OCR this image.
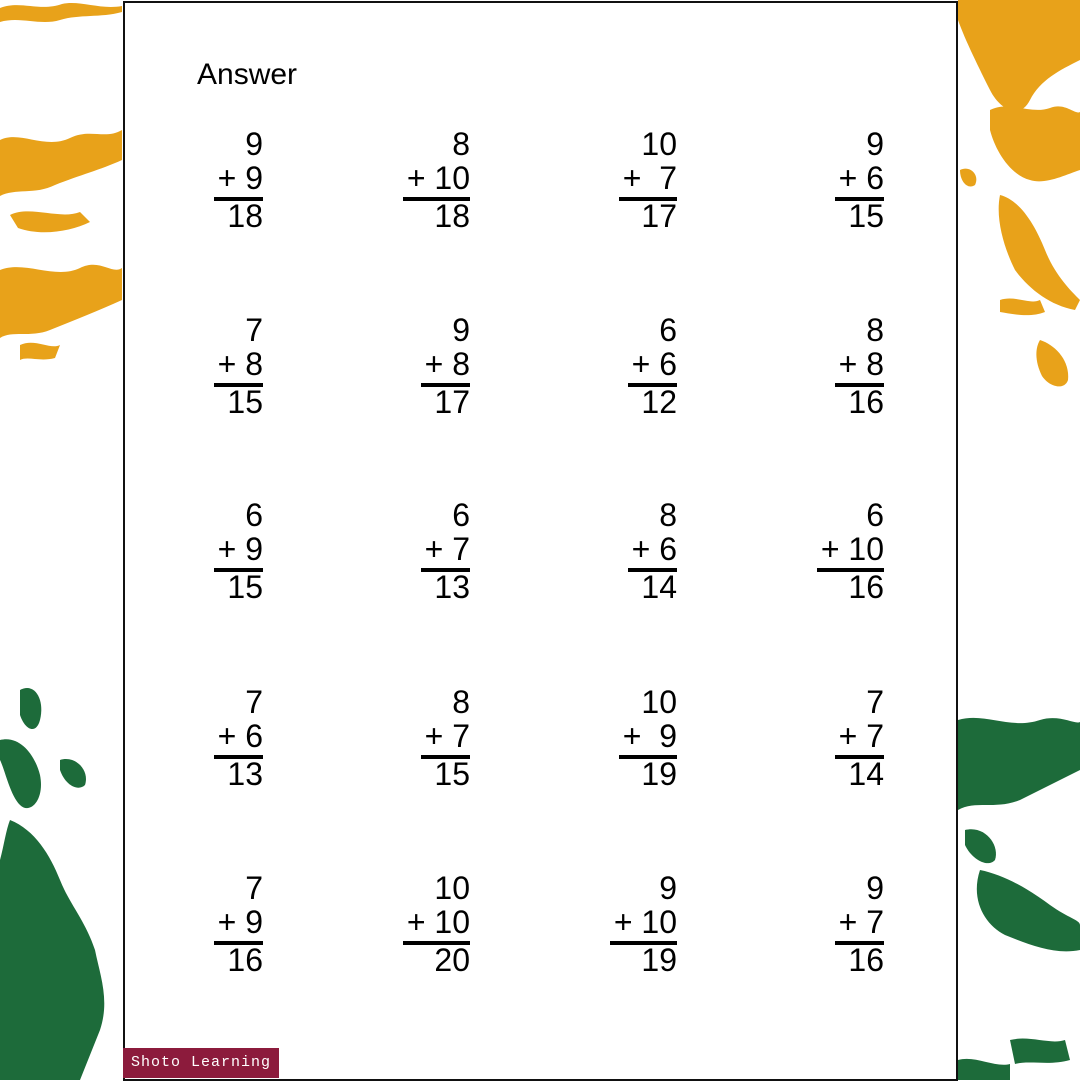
Answer
9
+ 9
18
8
+ 10
18
10
+  7
17
9
+ 6
15
7
+ 8
15
9
+ 8
17
6
+ 6
12
8
+ 8
16
6
+ 9
15
6
+ 7
13
8
+ 6
14
6
+ 10
16
7
+ 6
13
8
+ 7
15
10
+  9
19
7
+ 7
14
7
+ 9
16
10
+ 10
20
9
+ 10
19
9
+ 7
16
Shoto Learning
